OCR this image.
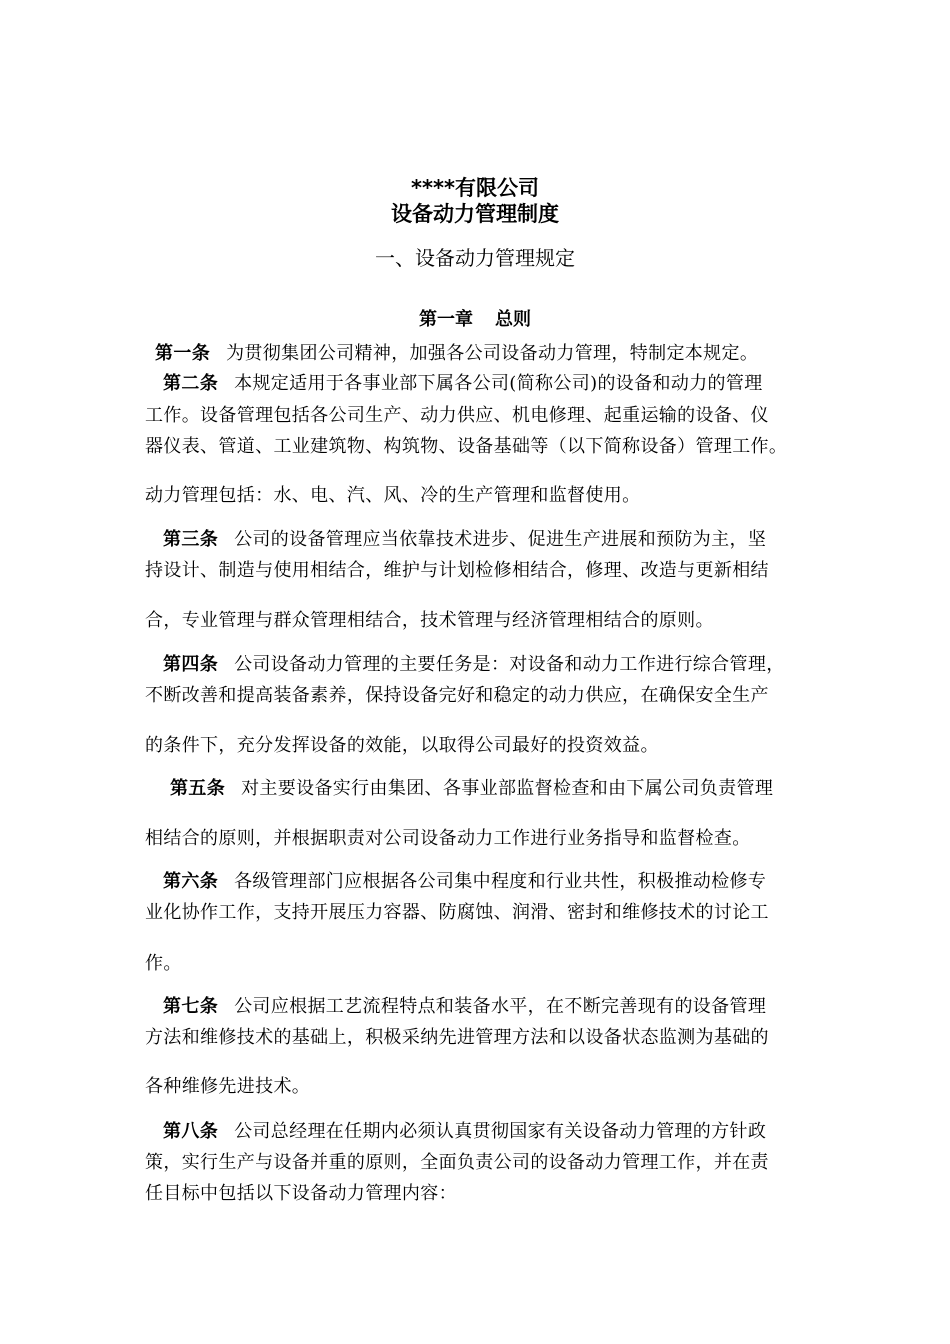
****有限公司
设备动力管理制度
一、设备动力管理规定
第一章 总则
第一条 为贯彻集团公司精神，加强各公司设备动力管理，特制定本规定。
第二条 本规定适用于各事业部下属各公司(简称公司)的设备和动力的管理
工作。设备管理包括各公司生产、动力供应、机电修理、起重运输的设备、仪
器仪表、管道、工业建筑物、构筑物、设备基础等（以下简称设备）管理工作。
动力管理包括：水、电、汽、风、冷的生产管理和监督使用。
第三条 公司的设备管理应当依靠技术进步、促进生产进展和预防为主，坚
持设计、制造与使用相结合，维护与计划检修相结合，修理、改造与更新相结
合，专业管理与群众管理相结合，技术管理与经济管理相结合的原则。
第四条 公司设备动力管理的主要任务是：对设备和动力工作进行综合管理，
不断改善和提高装备素养，保持设备完好和稳定的动力供应，在确保安全生产
的条件下，充分发挥设备的效能，以取得公司最好的投资效益。
第五条 对主要设备实行由集团、各事业部监督检查和由下属公司负责管理
相结合的原则，并根据职责对公司设备动力工作进行业务指导和监督检查。
第六条 各级管理部门应根据各公司集中程度和行业共性，积极推动检修专
业化协作工作，支持开展压力容器、防腐蚀、润滑、密封和维修技术的讨论工
作。
第七条 公司应根据工艺流程特点和装备水平，在不断完善现有的设备管理
方法和维修技术的基础上，积极采纳先进管理方法和以设备状态监测为基础的
各种维修先进技术。
第八条 公司总经理在任期内必须认真贯彻国家有关设备动力管理的方针政
策，实行生产与设备并重的原则，全面负责公司的设备动力管理工作，并在责
任目标中包括以下设备动力管理内容：
